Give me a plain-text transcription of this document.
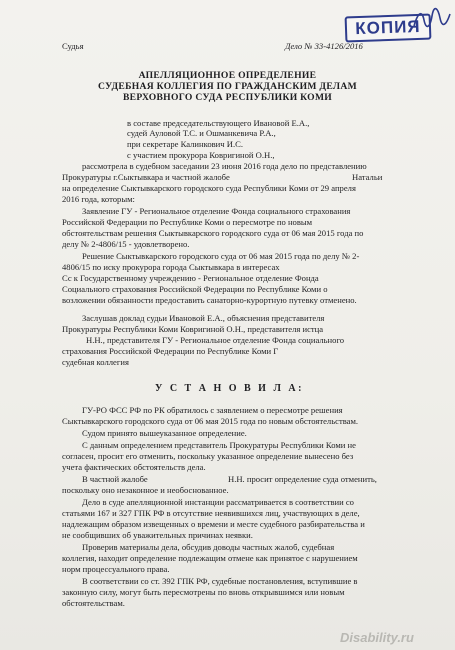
КОПИЯ
Судья	Дело № 33-4126/2016
АПЕЛЛЯЦИОННОЕ ОПРЕДЕЛЕНИЕ
СУДЕБНАЯ КОЛЛЕГИЯ ПО ГРАЖДАНСКИМ ДЕЛАМ
ВЕРХОВНОГО СУДА РЕСПУБЛИКИ КОМИ
в составе председательствующего Ивановой Е.А.,
судей Ауловой Т.С. и Ошманкевича Р.А.,
при секретаре Калинкович И.С.
с участием прокурора Ковригиной О.Н.,
рассмотрела в судебном заседании 23 июня 2016 года дело по представлению
Прокуратуры г.Сыктывкара и частной жалобе	Натальи
на определение Сыктывкарского городского суда Республики Коми от 29 апреля
2016 года, которым:
Заявление ГУ - Региональное отделение Фонда социального страхования
Российской Федерации по Республике Коми о пересмотре по новым
обстоятельствам решения Сыктывкарского городского суда от 06 мая 2015 года по
делу № 2-4806/15 - удовлетворено.
Решение Сыктывкарского городского суда от 06 мая 2015 года по делу № 2-
4806/15 по иску прокурора города Сыктывкара в интересах
Сс к Государственному учреждению - Региональное отделение Фонда
Социального страхования Российской Федерации по Республике Коми о
возложении обязанности предоставить санаторно-курортную путевку отменено.
Заслушав доклад судьи Ивановой Е.А., объяснения представителя
Прокуратуры Республики Коми Ковригиной О.Н., представителя истца
Н.Н., представителя ГУ - Региональное отделение Фонда социального
страхования Российской Федерации по Республике Коми Г
судебная коллегия
У С Т А Н О В И Л А:
ГУ-РО ФСС РФ по РК обратилось с заявлением о пересмотре решения
Сыктывкарского городского суда от 06 мая 2015 года по новым обстоятельствам.
Судом принято вышеуказанное определение.
С данным определением представитель Прокуратуры Республики Коми не
согласен, просит его отменить, поскольку указанное определение вынесено без
учета фактических обстоятельств дела.
В частной жалобе	Н.Н. просит определение суда отменить,
поскольку оно незаконное и необоснованное.
Дело в суде апелляционной инстанции рассматривается в соответствии со
статьями 167 и 327 ГПК РФ в отсутствие неявившихся лиц, участвующих в деле,
надлежащим образом извещенных о времени и месте судебного разбирательства и
не сообщивших об уважительных причинах неявки.
Проверив материалы дела, обсудив доводы частных жалоб, судебная
коллегия, находит определение подлежащим отмене как принятое с нарушением
норм процессуального права.
В соответствии со ст. 392 ГПК РФ, судебные постановления, вступившие в
законную силу, могут быть пересмотрены по вновь открывшимся или новым
обстоятельствам.
Disability.ru
